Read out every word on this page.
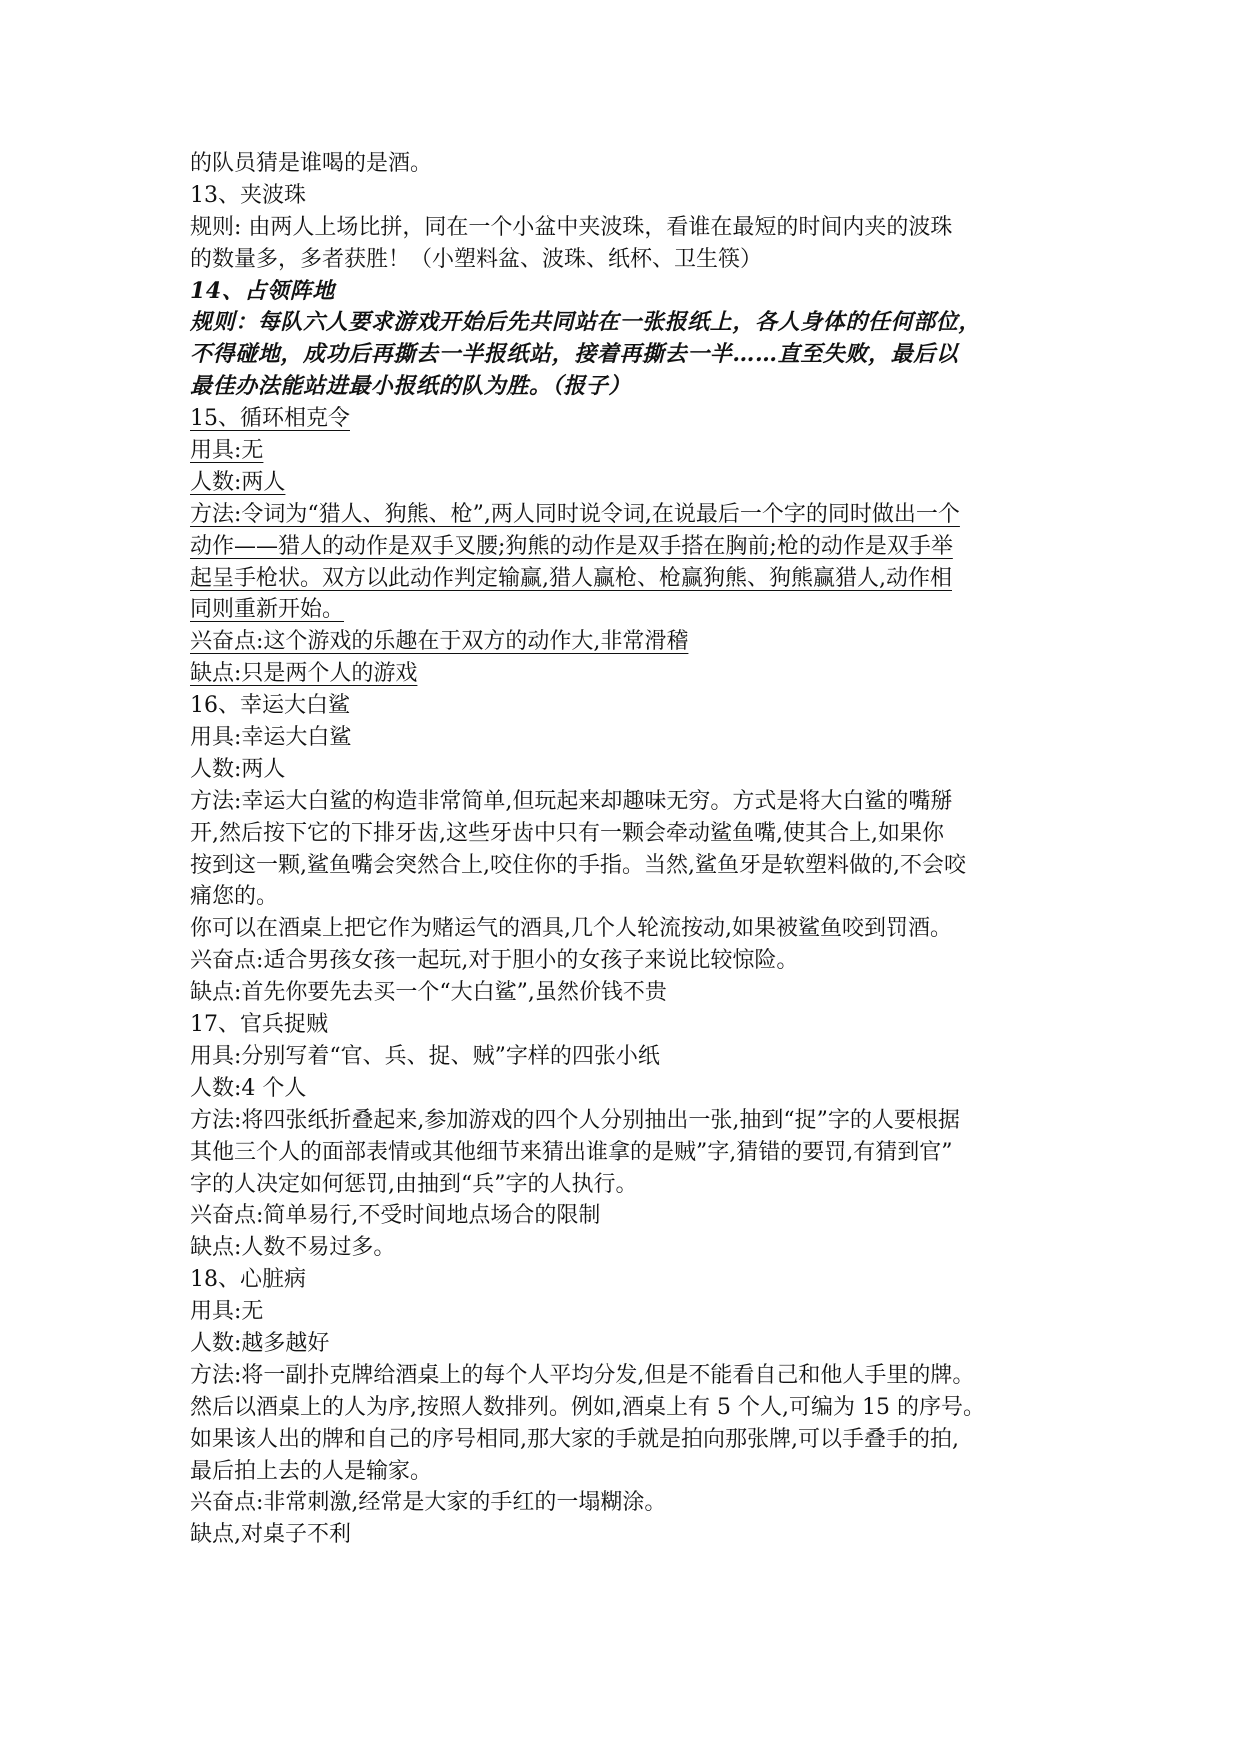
的队员猜是谁喝的是酒。
13、夹波珠
规则: 由两人上场比拼，同在一个小盆中夹波珠，看谁在最短的时间内夹的波珠
的数量多，多者获胜！（小塑料盆、波珠、纸杯、卫生筷）
14、占领阵地
规则：每队六人要求游戏开始后先共同站在一张报纸上，各人身体的任何部位，
不得碰地，成功后再撕去一半报纸站，接着再撕去一半……直至失败，最后以
最佳办法能站进最小报纸的队为胜。（报子）
15、循环相克令
用具:无
人数:两人
方法:令词为“猎人、狗熊、枪”,两人同时说令词,在说最后一个字的同时做出一个
动作——猎人的动作是双手叉腰;狗熊的动作是双手搭在胸前;枪的动作是双手举
起呈手枪状。双方以此动作判定输赢,猎人赢枪、枪赢狗熊、狗熊赢猎人,动作相
同则重新开始。
兴奋点:这个游戏的乐趣在于双方的动作大,非常滑稽
缺点:只是两个人的游戏
16、幸运大白鲨
用具:幸运大白鲨
人数:两人
方法:幸运大白鲨的构造非常简单,但玩起来却趣味无穷。方式是将大白鲨的嘴掰
开,然后按下它的下排牙齿,这些牙齿中只有一颗会牵动鲨鱼嘴,使其合上,如果你
按到这一颗,鲨鱼嘴会突然合上,咬住你的手指。当然,鲨鱼牙是软塑料做的,不会咬
痛您的。
你可以在酒桌上把它作为赌运气的酒具,几个人轮流按动,如果被鲨鱼咬到罚酒。
兴奋点:适合男孩女孩一起玩,对于胆小的女孩子来说比较惊险。
缺点:首先你要先去买一个“大白鲨”,虽然价钱不贵
17、官兵捉贼
用具:分别写着“官、兵、捉、贼”字样的四张小纸
人数:4 个人
方法:将四张纸折叠起来,参加游戏的四个人分别抽出一张,抽到“捉”字的人要根据
其他三个人的面部表情或其他细节来猜出谁拿的是贼”字,猜错的要罚,有猜到官”
字的人决定如何惩罚,由抽到“兵”字的人执行。
兴奋点:简单易行,不受时间地点场合的限制
缺点:人数不易过多。
18、心脏病
用具:无
人数:越多越好
方法:将一副扑克牌给酒桌上的每个人平均分发,但是不能看自己和他人手里的牌。
然后以酒桌上的人为序,按照人数排列。例如,酒桌上有 5 个人,可编为 15 的序号。
如果该人出的牌和自己的序号相同,那大家的手就是拍向那张牌,可以手叠手的拍,
最后拍上去的人是输家。
兴奋点:非常刺激,经常是大家的手红的一塌糊涂。
缺点,对桌子不利
